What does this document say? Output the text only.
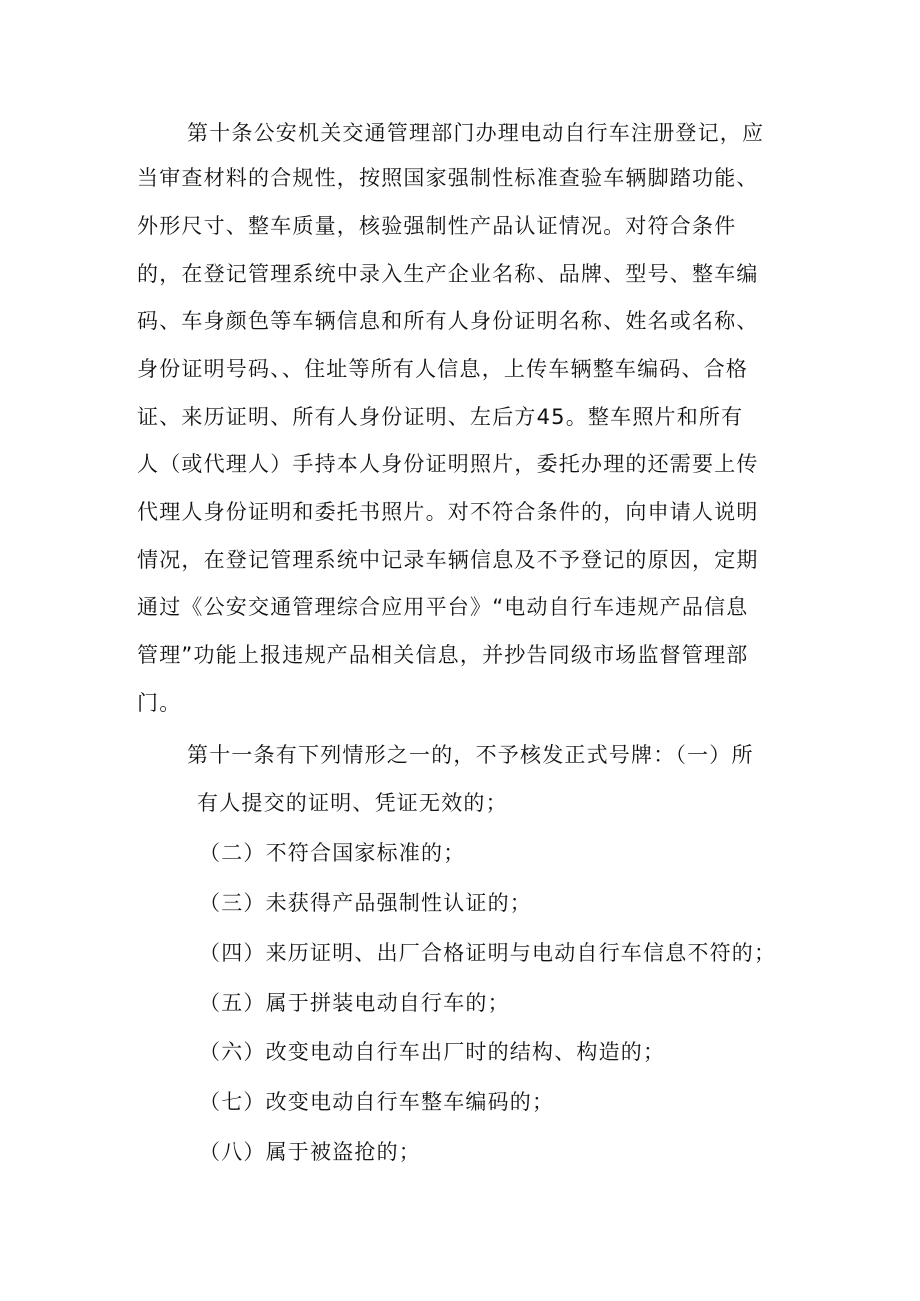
第十条公安机关交通管理部门办理电动自行车注册登记，应

当审查材料的合规性，按照国家强制性标准查验车辆脚踏功能、

外形尺寸、整车质量，核验强制性产品认证情况。对符合条件

的，在登记管理系统中录入生产企业名称、品牌、型号、整车编

码、车身颜色等车辆信息和所有人身份证明名称、姓名或名称、

身份证明号码、、住址等所有人信息，上传车辆整车编码、合格

证、来历证明、所有人身份证明、左后方45。整车照片和所有

人（或代理人）手持本人身份证明照片，委托办理的还需要上传

代理人身份证明和委托书照片。对不符合条件的，向申请人说明

情况，在登记管理系统中记录车辆信息及不予登记的原因，定期

通过《公安交通管理综合应用平台》“电动自行车违规产品信息

管理”功能上报违规产品相关信息，并抄告同级市场监督管理部

门。

第十一条有下列情形之一的，不予核发正式号牌：（一）所

有人提交的证明、凭证无效的；

（二）不符合国家标准的；

（三）未获得产品强制性认证的；

（四）来历证明、出厂合格证明与电动自行车信息不符的；

（五）属于拼装电动自行车的；

（六）改变电动自行车出厂时的结构、构造的；

（七）改变电动自行车整车编码的；

（八）属于被盗抢的；
